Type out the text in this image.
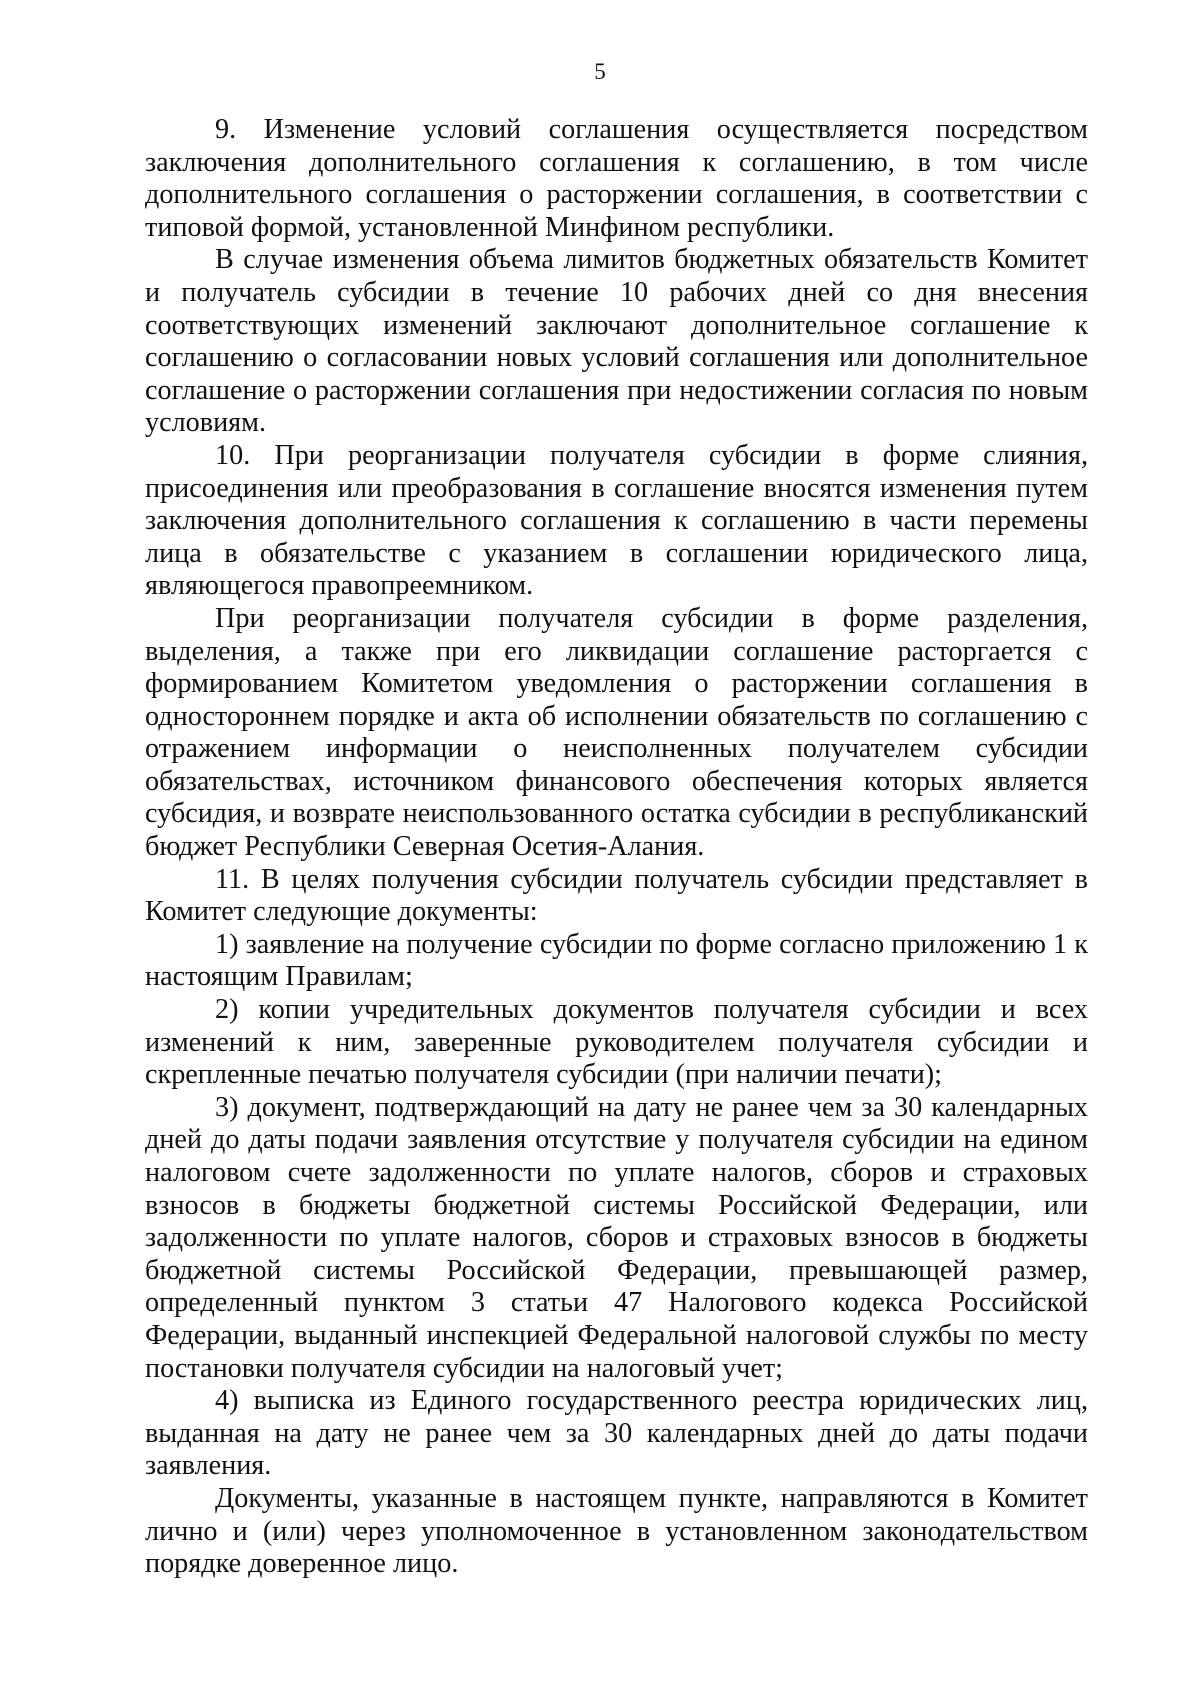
5

9. Изменение условий соглашения осуществляется посредством заключения дополнительного соглашения к соглашению, в том числе дополнительного соглашения о расторжении соглашения, в соответствии с типовой формой, установленной Минфином республики.

В случае изменения объема лимитов бюджетных обязательств Комитет и получатель субсидии в течение 10 рабочих дней со дня внесения соответствующих изменений заключают дополнительное соглашение к соглашению о согласовании новых условий соглашения или дополнительное соглашение о расторжении соглашения при недостижении согласия по новым условиям.

10. При реорганизации получателя субсидии в форме слияния, присоединения или преобразования в соглашение вносятся изменения путем заключения дополнительного соглашения к соглашению в части перемены лица в обязательстве с указанием в соглашении юридического лица, являющегося правопреемником.

При реорганизации получателя субсидии в форме разделения, выделения, а также при его ликвидации соглашение расторгается с формированием Комитетом уведомления о расторжении соглашения в одностороннем порядке и акта об исполнении обязательств по соглашению с отражением информации о неисполненных получателем субсидии обязательствах, источником финансового обеспечения которых является субсидия, и возврате неиспользованного остатка субсидии в республиканский бюджет Республики Северная Осетия-Алания.

11. В целях получения субсидии получатель субсидии представляет в Комитет следующие документы:

1) заявление на получение субсидии по форме согласно приложению 1 к настоящим Правилам;

2) копии учредительных документов получателя субсидии и всех изменений к ним, заверенные руководителем получателя субсидии и скрепленные печатью получателя субсидии (при наличии печати);

3) документ, подтверждающий на дату не ранее чем за 30 календарных дней до даты подачи заявления отсутствие у получателя субсидии на едином налоговом счете задолженности по уплате налогов, сборов и страховых взносов в бюджеты бюджетной системы Российской Федерации, или задолженности по уплате налогов, сборов и страховых взносов в бюджеты бюджетной системы Российской Федерации, превышающей размер, определенный пунктом 3 статьи 47 Налогового кодекса Российской Федерации, выданный инспекцией Федеральной налоговой службы по месту постановки получателя субсидии на налоговый учет;

4) выписка из Единого государственного реестра юридических лиц, выданная на дату не ранее чем за 30 календарных дней до даты подачи заявления.

Документы, указанные в настоящем пункте, направляются в Комитет лично и (или) через уполномоченное в установленном законодательством порядке доверенное лицо.
